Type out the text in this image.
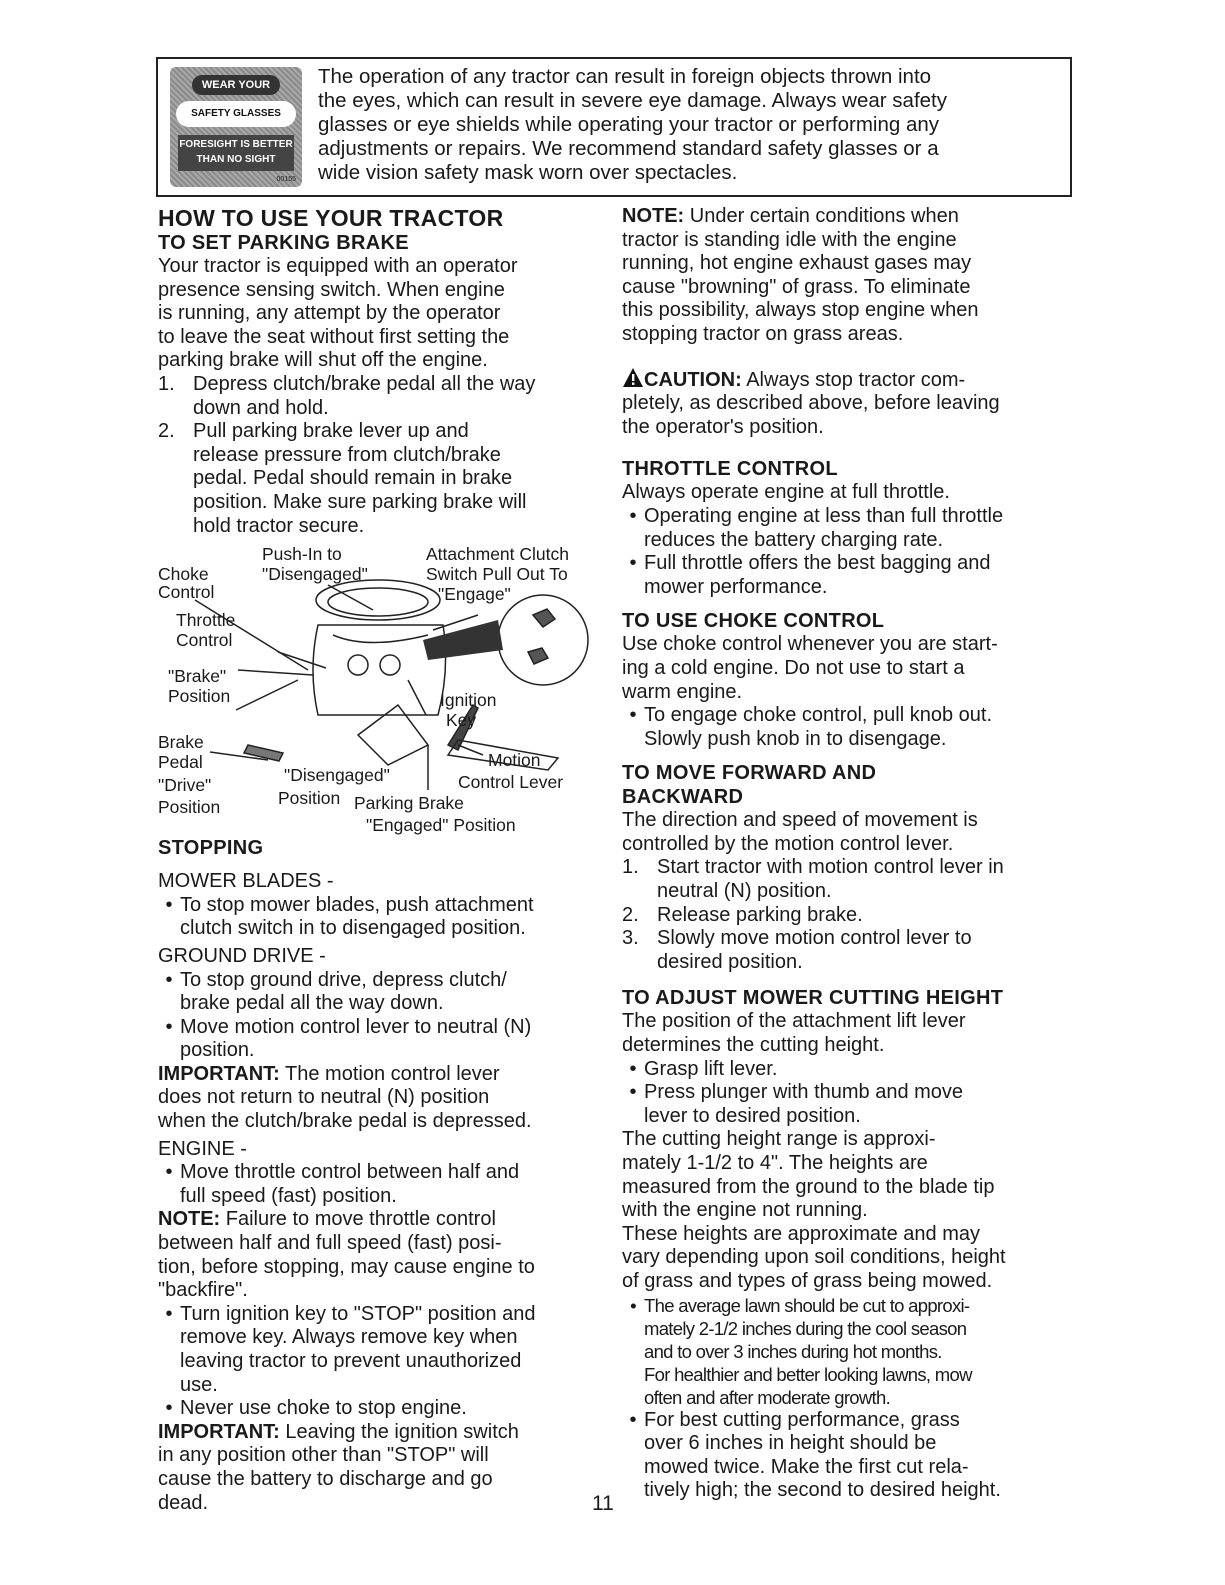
WEAR YOUR
SAFETY GLASSES
FORESIGHT IS BETTER
THAN NO SIGHT
00155
The operation of any tractor can result in foreign objects thrown into
the eyes, which can result in severe eye damage. Always wear safety
glasses or eye shields while operating your tractor or performing any
adjustments or repairs. We recommend standard safety glasses or a
wide vision safety mask worn over spectacles.
HOW TO USE YOUR TRACTOR
TO SET PARKING BRAKE
Your tractor is equipped with an operator
presence sensing switch. When engine
is running, any attempt by the operator
to leave the seat without first setting the
parking brake will shut off the engine.
1. Depress clutch/brake pedal all the way
down and hold.
2. Pull parking brake lever up and
release pressure from clutch/brake
pedal. Pedal should remain in brake
position. Make sure parking brake will
hold tractor secure.
Choke
Control
Push-In to
"Disengaged"
Attachment Clutch
Switch Pull Out To
"Engage"
Throttle
Control
"Brake"
Position	Ignition
Key
Brake
Pedal
"Drive"
Position
"Disengaged"
Position
Motion
Control Lever
Parking Brake
"Engaged" Position
STOPPING
MOWER BLADES -
• To stop mower blades, push attachment
clutch switch in to disengaged position.
GROUND DRIVE -
• To stop ground drive, depress clutch/
brake pedal all the way down.
• Move motion control lever to neutral (N)
position.
IMPORTANT: The motion control lever
does not return to neutral (N) position
when the clutch/brake pedal is depressed.
ENGINE -
• Move throttle control between half and
full speed (fast) position.
NOTE: Failure to move throttle control
between half and full speed (fast) posi-
tion, before stopping, may cause engine to
"backfire".
• Turn ignition key to "STOP" position and
remove key. Always remove key when
leaving tractor to prevent unauthorized
use.
• Never use choke to stop engine.
IMPORTANT: Leaving the ignition switch
in any position other than "STOP" will
cause the battery to discharge and go
dead.
NOTE: Under certain conditions when
tractor is standing idle with the engine
running, hot engine exhaust gases may
cause "browning" of grass. To eliminate
this possibility, always stop engine when
stopping tractor on grass areas.
CAUTION: Always stop tractor com-
pletely, as described above, before leaving
the operator's position.
THROTTLE CONTROL
Always operate engine at full throttle.
• Operating engine at less than full throttle
reduces the battery charging rate.
• Full throttle offers the best bagging and
mower performance.
TO USE CHOKE CONTROL
Use choke control whenever you are start-
ing a cold engine. Do not use to start a
warm engine.
• To engage choke control, pull knob out.
Slowly push knob in to disengage.
TO MOVE FORWARD AND
BACKWARD
The direction and speed of movement is
controlled by the motion control lever.
1. Start tractor with motion control lever in
neutral (N) position.
2. Release parking brake.
3. Slowly move motion control lever to
desired position.
TO ADJUST MOWER CUTTING HEIGHT
The position of the attachment lift lever
determines the cutting height.
• Grasp lift lever.
• Press plunger with thumb and move
lever to desired position.
The cutting height range is approxi-
mately 1-1/2 to 4". The heights are
measured from the ground to the blade tip
with the engine not running.
These heights are approximate and may
vary depending upon soil conditions, height
of grass and types of grass being mowed.
• The average lawn should be cut to approxi-
mately 2-1/2 inches during the cool season
and to over 3 inches during hot months.
For healthier and better looking lawns, mow
often and after moderate growth.
• For best cutting performance, grass
over 6 inches in height should be
mowed twice. Make the first cut rela-
tively high; the second to desired height.
11
